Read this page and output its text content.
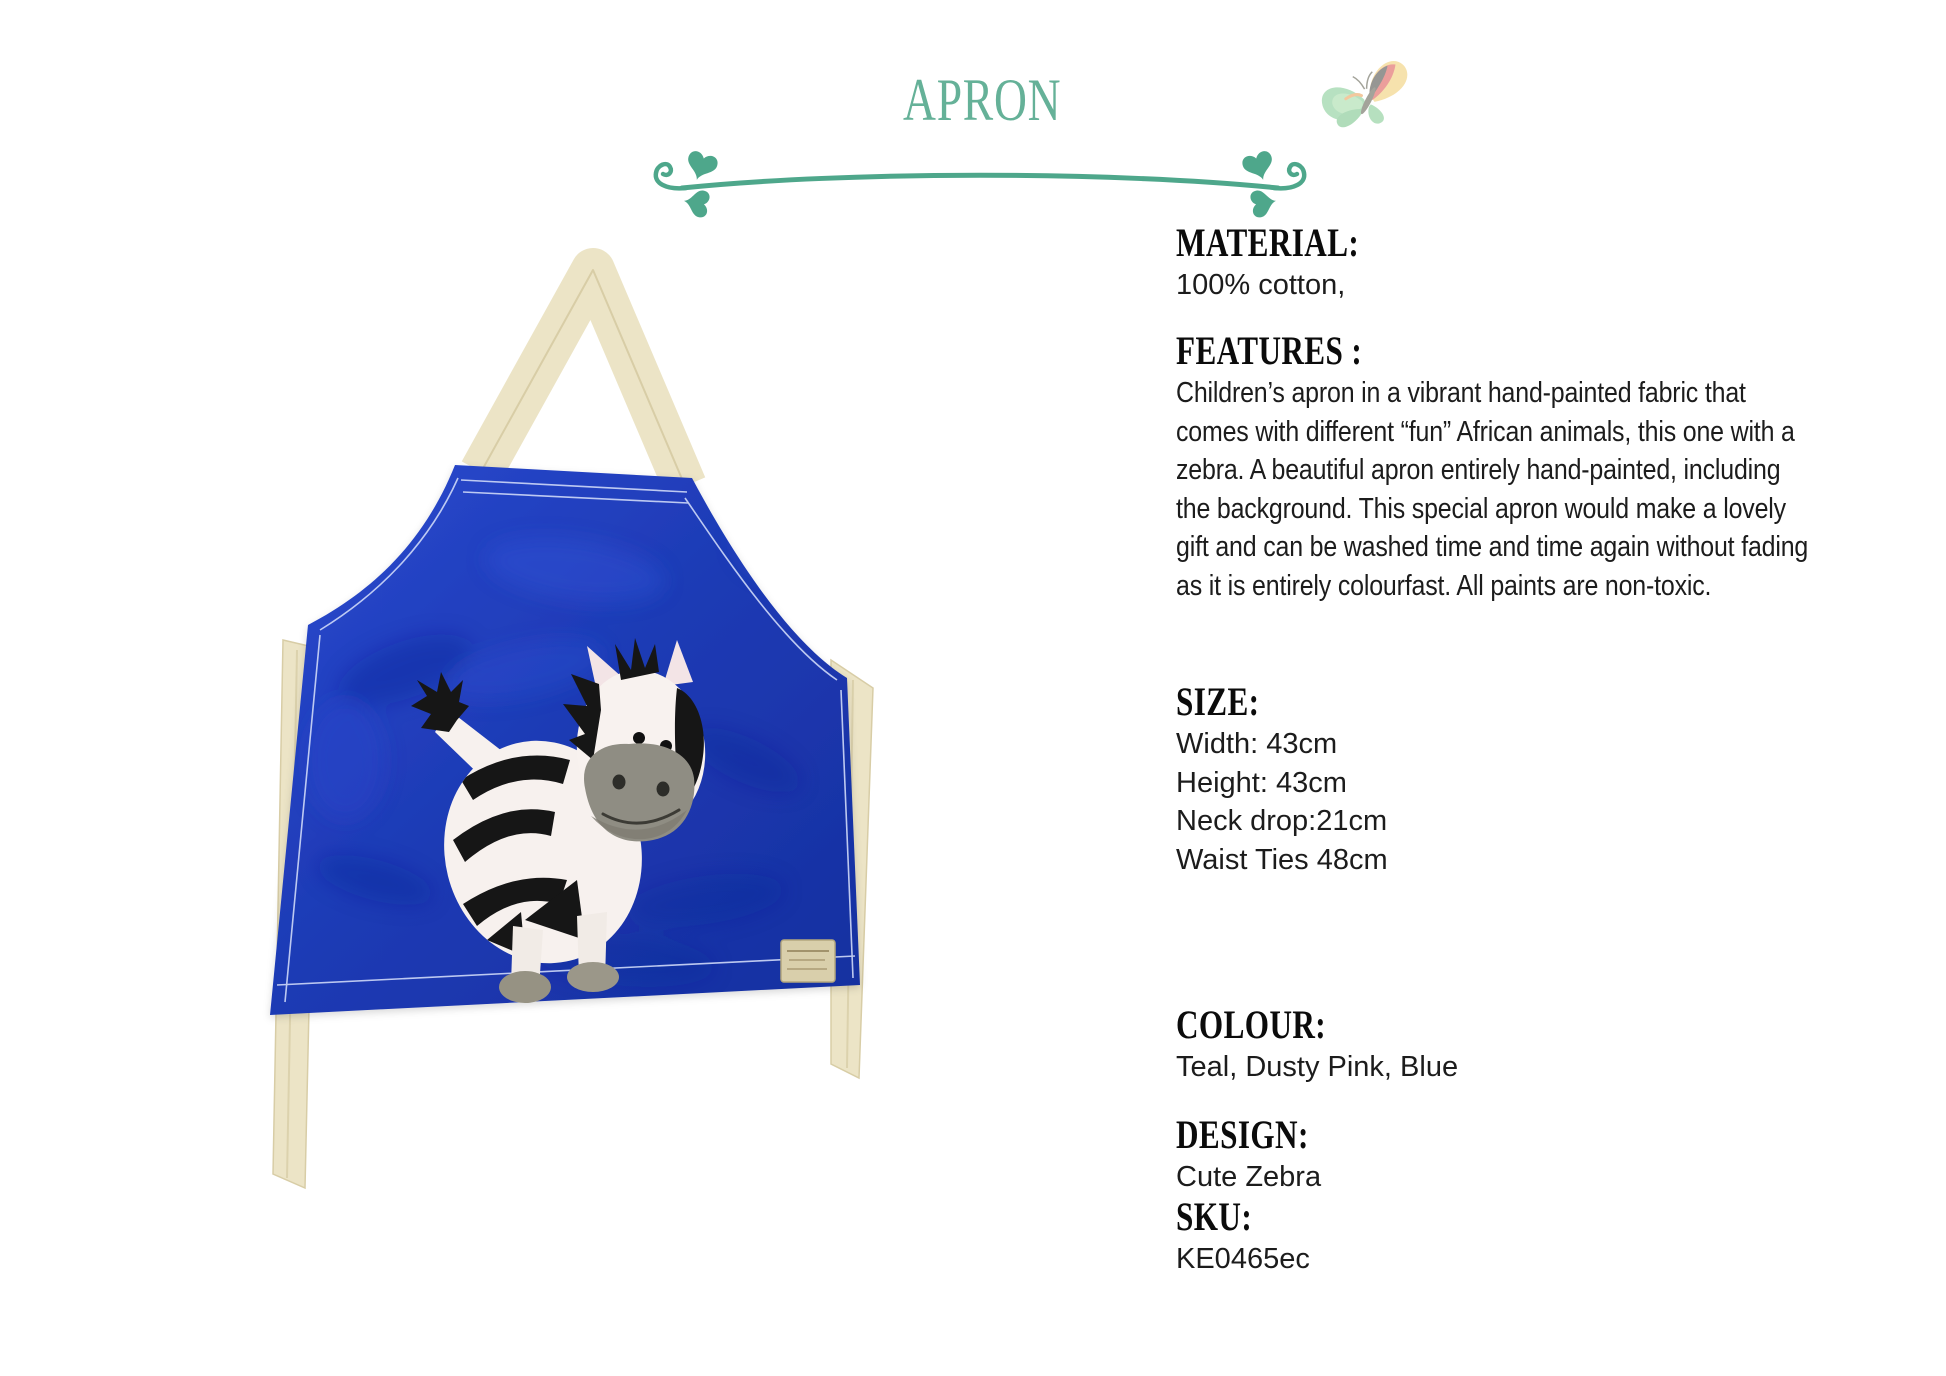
APRON
MATERIAL:

100% cotton,

FEATURES :
Children’s apron in a vibrant hand-painted fabric that
comes with different “fun” African animals, this one with a
zebra. A beautiful apron entirely hand-painted, including
the background. This special apron would make a lovely
gift and can be washed time and time again without fading
as it is entirely colourfast. All paints are non-toxic.
SIZE:
Width: 43cm
Height: 43cm
Neck drop:21cm
Waist Ties 48cm
COLOUR:

Teal, Dusty Pink, Blue

DESIGN:

Cute Zebra

SKU:

KE0465ec
